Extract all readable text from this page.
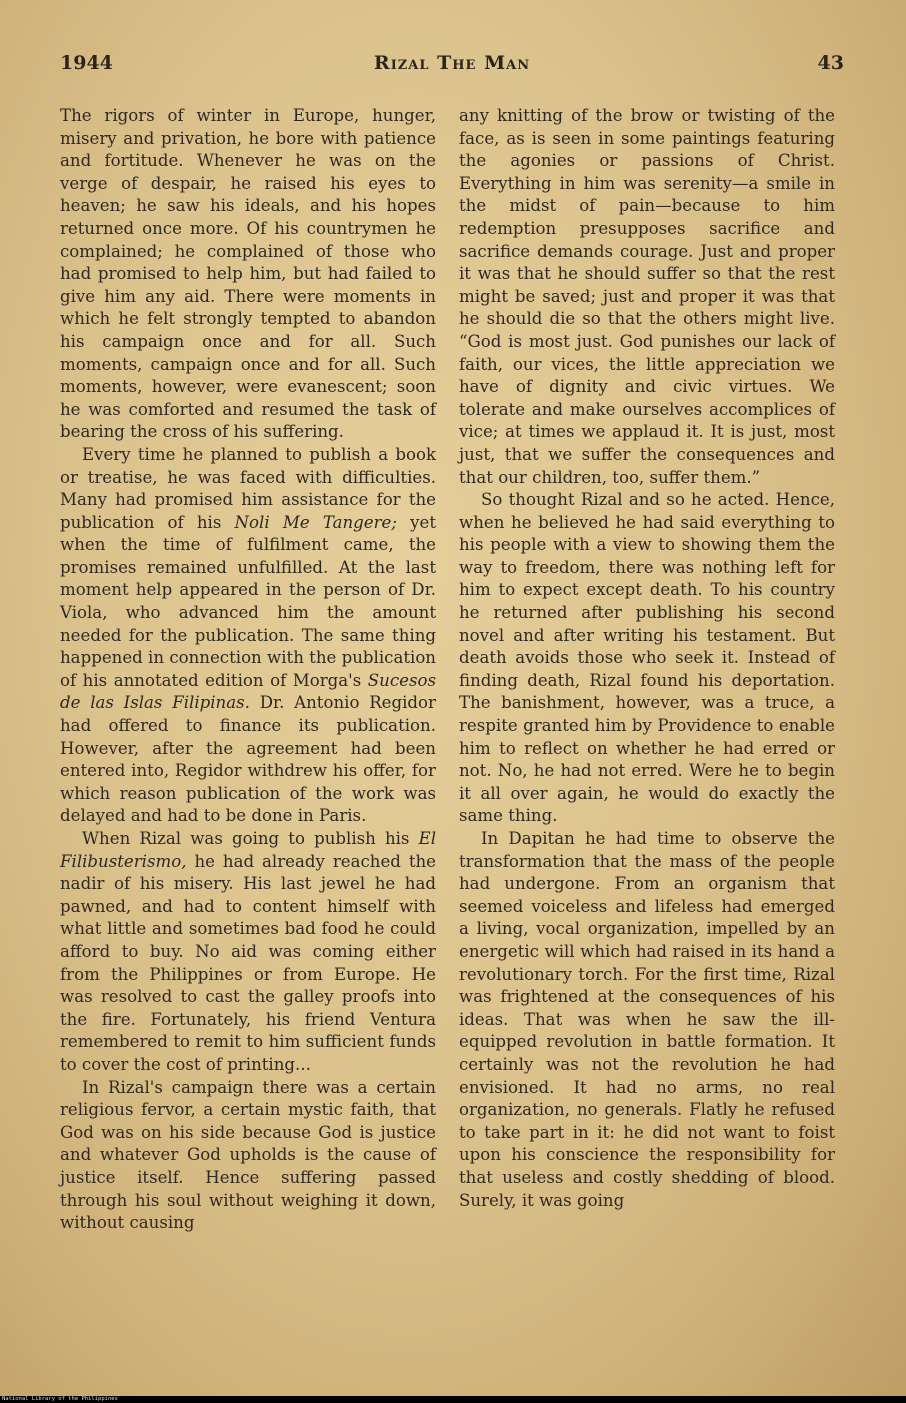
1944	Rizal The Man	43

The rigors of winter in Europe, hunger, misery and privation, he bore with patience and fortitude. Whenever he was on the verge of despair, he raised his eyes to heaven; he saw his ideals, and his hopes returned once more. Of his countrymen he complained; he complained of those who had promised to help him, but had failed to give him any aid. There were moments in which he felt strongly tempted to abandon his campaign once and for all. Such moments, campaign once and for all. Such moments, however, were evanescent; soon he was comforted and resumed the task of bearing the cross of his suffering.

Every time he planned to publish a book or treatise, he was faced with difficulties. Many had promised him assistance for the publication of his Noli Me Tangere; yet when the time of fulfilment came, the promises remained unfulfilled. At the last moment help appeared in the person of Dr. Viola, who advanced him the amount needed for the publication. The same thing happened in connection with the publication of his annotated edition of Morga's Sucesos de las Islas Filipinas. Dr. Antonio Regidor had offered to finance its publication. However, after the agreement had been entered into, Regidor withdrew his offer, for which reason publication of the work was delayed and had to be done in Paris.

When Rizal was going to publish his El Filibusterismo, he had already reached the nadir of his misery. His last jewel he had pawned, and had to content himself with what little and sometimes bad food he could afford to buy. No aid was coming either from the Philippines or from Europe. He was resolved to cast the galley proofs into the fire. Fortunately, his friend Ventura remembered to remit to him sufficient funds to cover the cost of printing...

In Rizal's campaign there was a certain religious fervor, a certain mystic faith, that God was on his side because God is justice and whatever God upholds is the cause of justice itself. Hence suffering passed through his soul without weighing it down, without causing

any knitting of the brow or twisting of the face, as is seen in some paintings featuring the agonies or passions of Christ. Everything in him was serenity—a smile in the midst of pain—because to him redemption presupposes sacrifice and sacrifice demands courage. Just and proper it was that he should suffer so that the rest might be saved; just and proper it was that he should die so that the others might live. “God is most just. God punishes our lack of faith, our vices, the little appreciation we have of dignity and civic virtues. We tolerate and make ourselves accomplices of vice; at times we applaud it. It is just, most just, that we suffer the consequences and that our children, too, suffer them.”

So thought Rizal and so he acted. Hence, when he believed he had said everything to his people with a view to showing them the way to freedom, there was nothing left for him to expect except death. To his country he returned after publishing his second novel and after writing his testament. But death avoids those who seek it. Instead of finding death, Rizal found his deportation. The banishment, however, was a truce, a respite granted him by Providence to enable him to reflect on whether he had erred or not. No, he had not erred. Were he to begin it all over again, he would do exactly the same thing.

In Dapitan he had time to observe the transformation that the mass of the people had undergone. From an organism that seemed voiceless and lifeless had emerged a living, vocal organization, impelled by an energetic will which had raised in its hand a revolutionary torch. For the first time, Rizal was frightened at the consequences of his ideas. That was when he saw the ill-equipped revolution in battle formation. It certainly was not the revolution he had envisioned. It had no arms, no real organization, no generals. Flatly he refused to take part in it: he did not want to foist upon his conscience the responsibility for that useless and costly shedding of blood. Surely, it was going

National Library of the Philippines
